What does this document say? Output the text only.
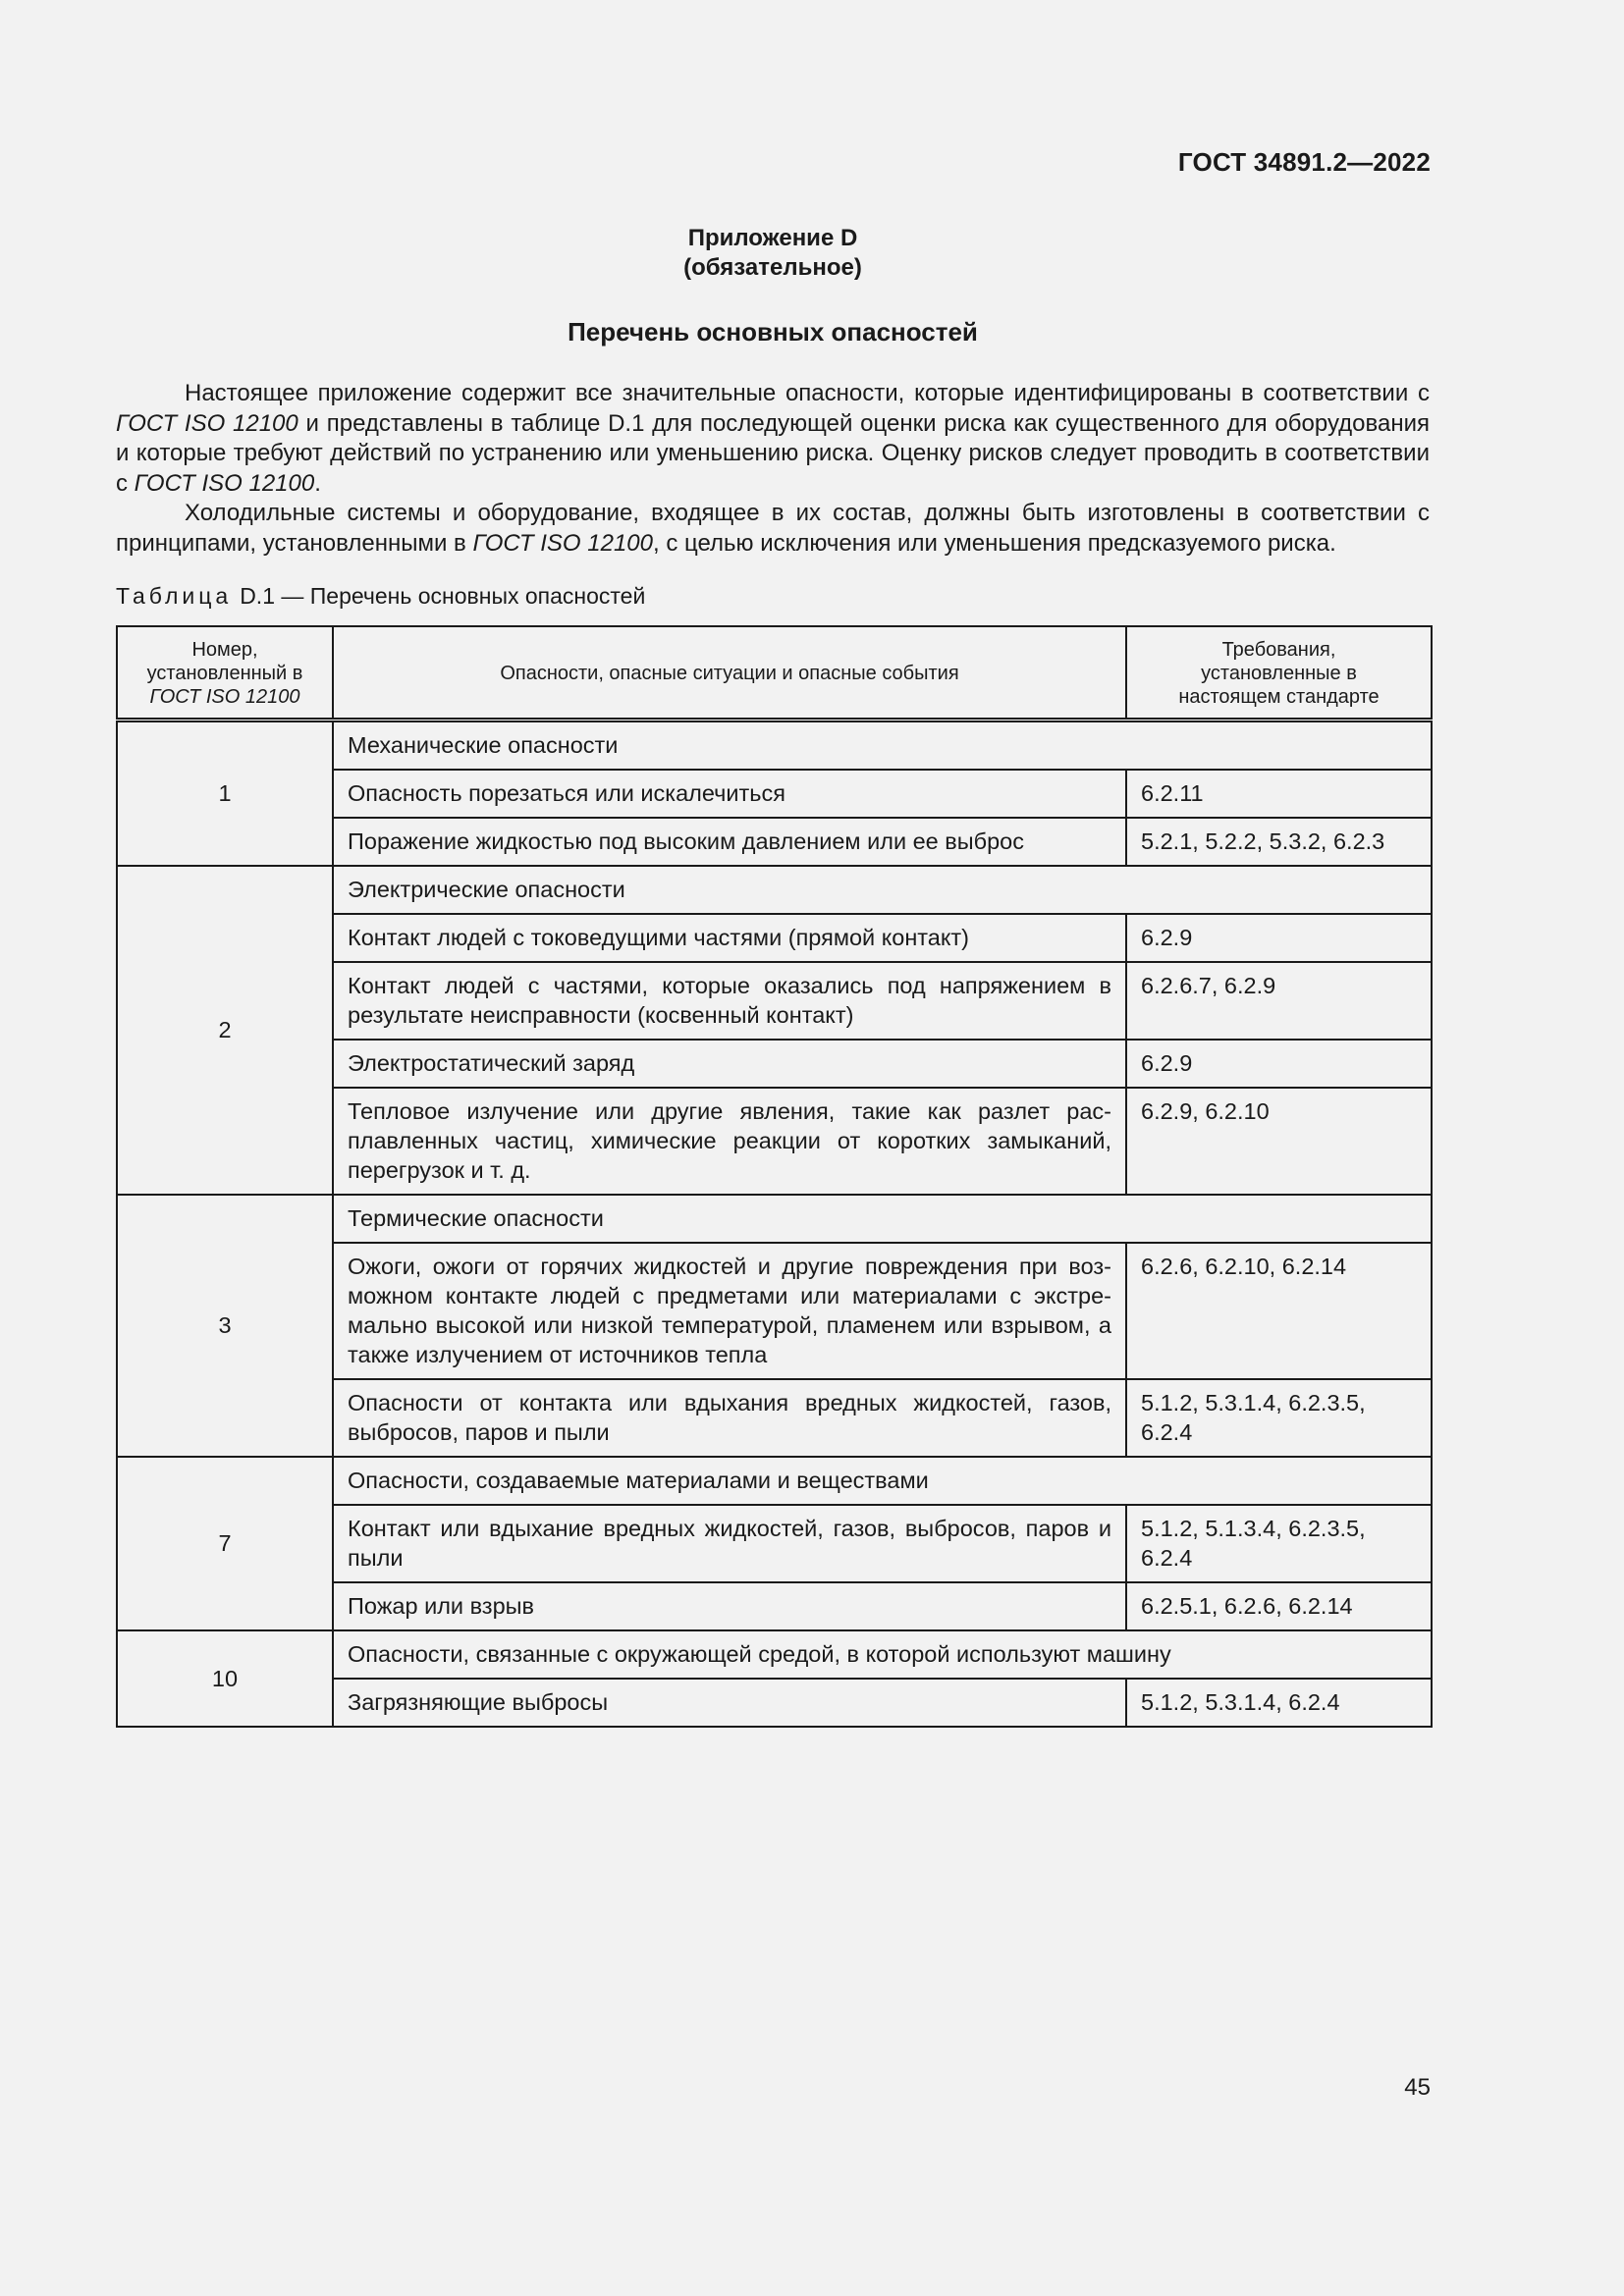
ГОСТ 34891.2—2022
Приложение D
(обязательное)
Перечень основных опасностей

Настоящее приложение содержит все значительные опасности, которые идентифицированы в соответствии с ГОСТ ISO 12100 и представлены в таблице D.1 для последующей оценки риска как существенного для оборудования и которые требуют действий по устранению или уменьшению риска. Оценку рисков следует проводить в соответствии с ГОСТ ISO 12100.

Холодильные системы и оборудование, входящее в их состав, должны быть изготовлены в соответствии с принципами, установленными в ГОСТ ISO 12100, с целью исключения или уменьшения предсказуемого риска.

Таблица D.1 — Перечень основных опасностей
Номер,
установленный в
ГОСТ ISO 12100	Опасности, опасные ситуации и опасные события	Требования,
установленные в
настоящем стандарте
1	Механические опасности	
	Опасность порезаться или искалечиться	6.2.11
	Поражение жидкостью под высоким давлением или ее выброс	5.2.1, 5.2.2, 5.3.2, 6.2.3
2	Электрические опасности	
	Контакт людей с токоведущими частями (прямой контакт)	6.2.9
	Контакт людей с частями, которые оказались под напряжением в результате неисправности (косвенный контакт)	6.2.6.7, 6.2.9
	Электростатический заряд	6.2.9
	Тепловое излучение или другие явления, такие как разлет расплавленных частиц, химические реакции от коротких замыканий, перегрузок и т. д.	6.2.9, 6.2.10
3	Термические опасности	
	Ожоги, ожоги от горячих жидкостей и другие повреждения при возможном контакте людей с предметами или материалами с экстремально высокой или низкой температурой, пламенем или взрывом, а также излучением от источников тепла	6.2.6, 6.2.10, 6.2.14
	Опасности от контакта или вдыхания вредных жидкостей, газов, выбросов, паров и пыли	5.1.2, 5.3.1.4, 6.2.3.5, 6.2.4
7	Опасности, создаваемые материалами и веществами	
	Контакт или вдыхание вредных жидкостей, газов, выбросов, паров и пыли	5.1.2, 5.1.3.4, 6.2.3.5, 6.2.4
	Пожар или взрыв	6.2.5.1, 6.2.6, 6.2.14
10	Опасности, связанные с окружающей средой, в которой используют машину	
	Загрязняющие выбросы	5.1.2, 5.3.1.4, 6.2.4
45
